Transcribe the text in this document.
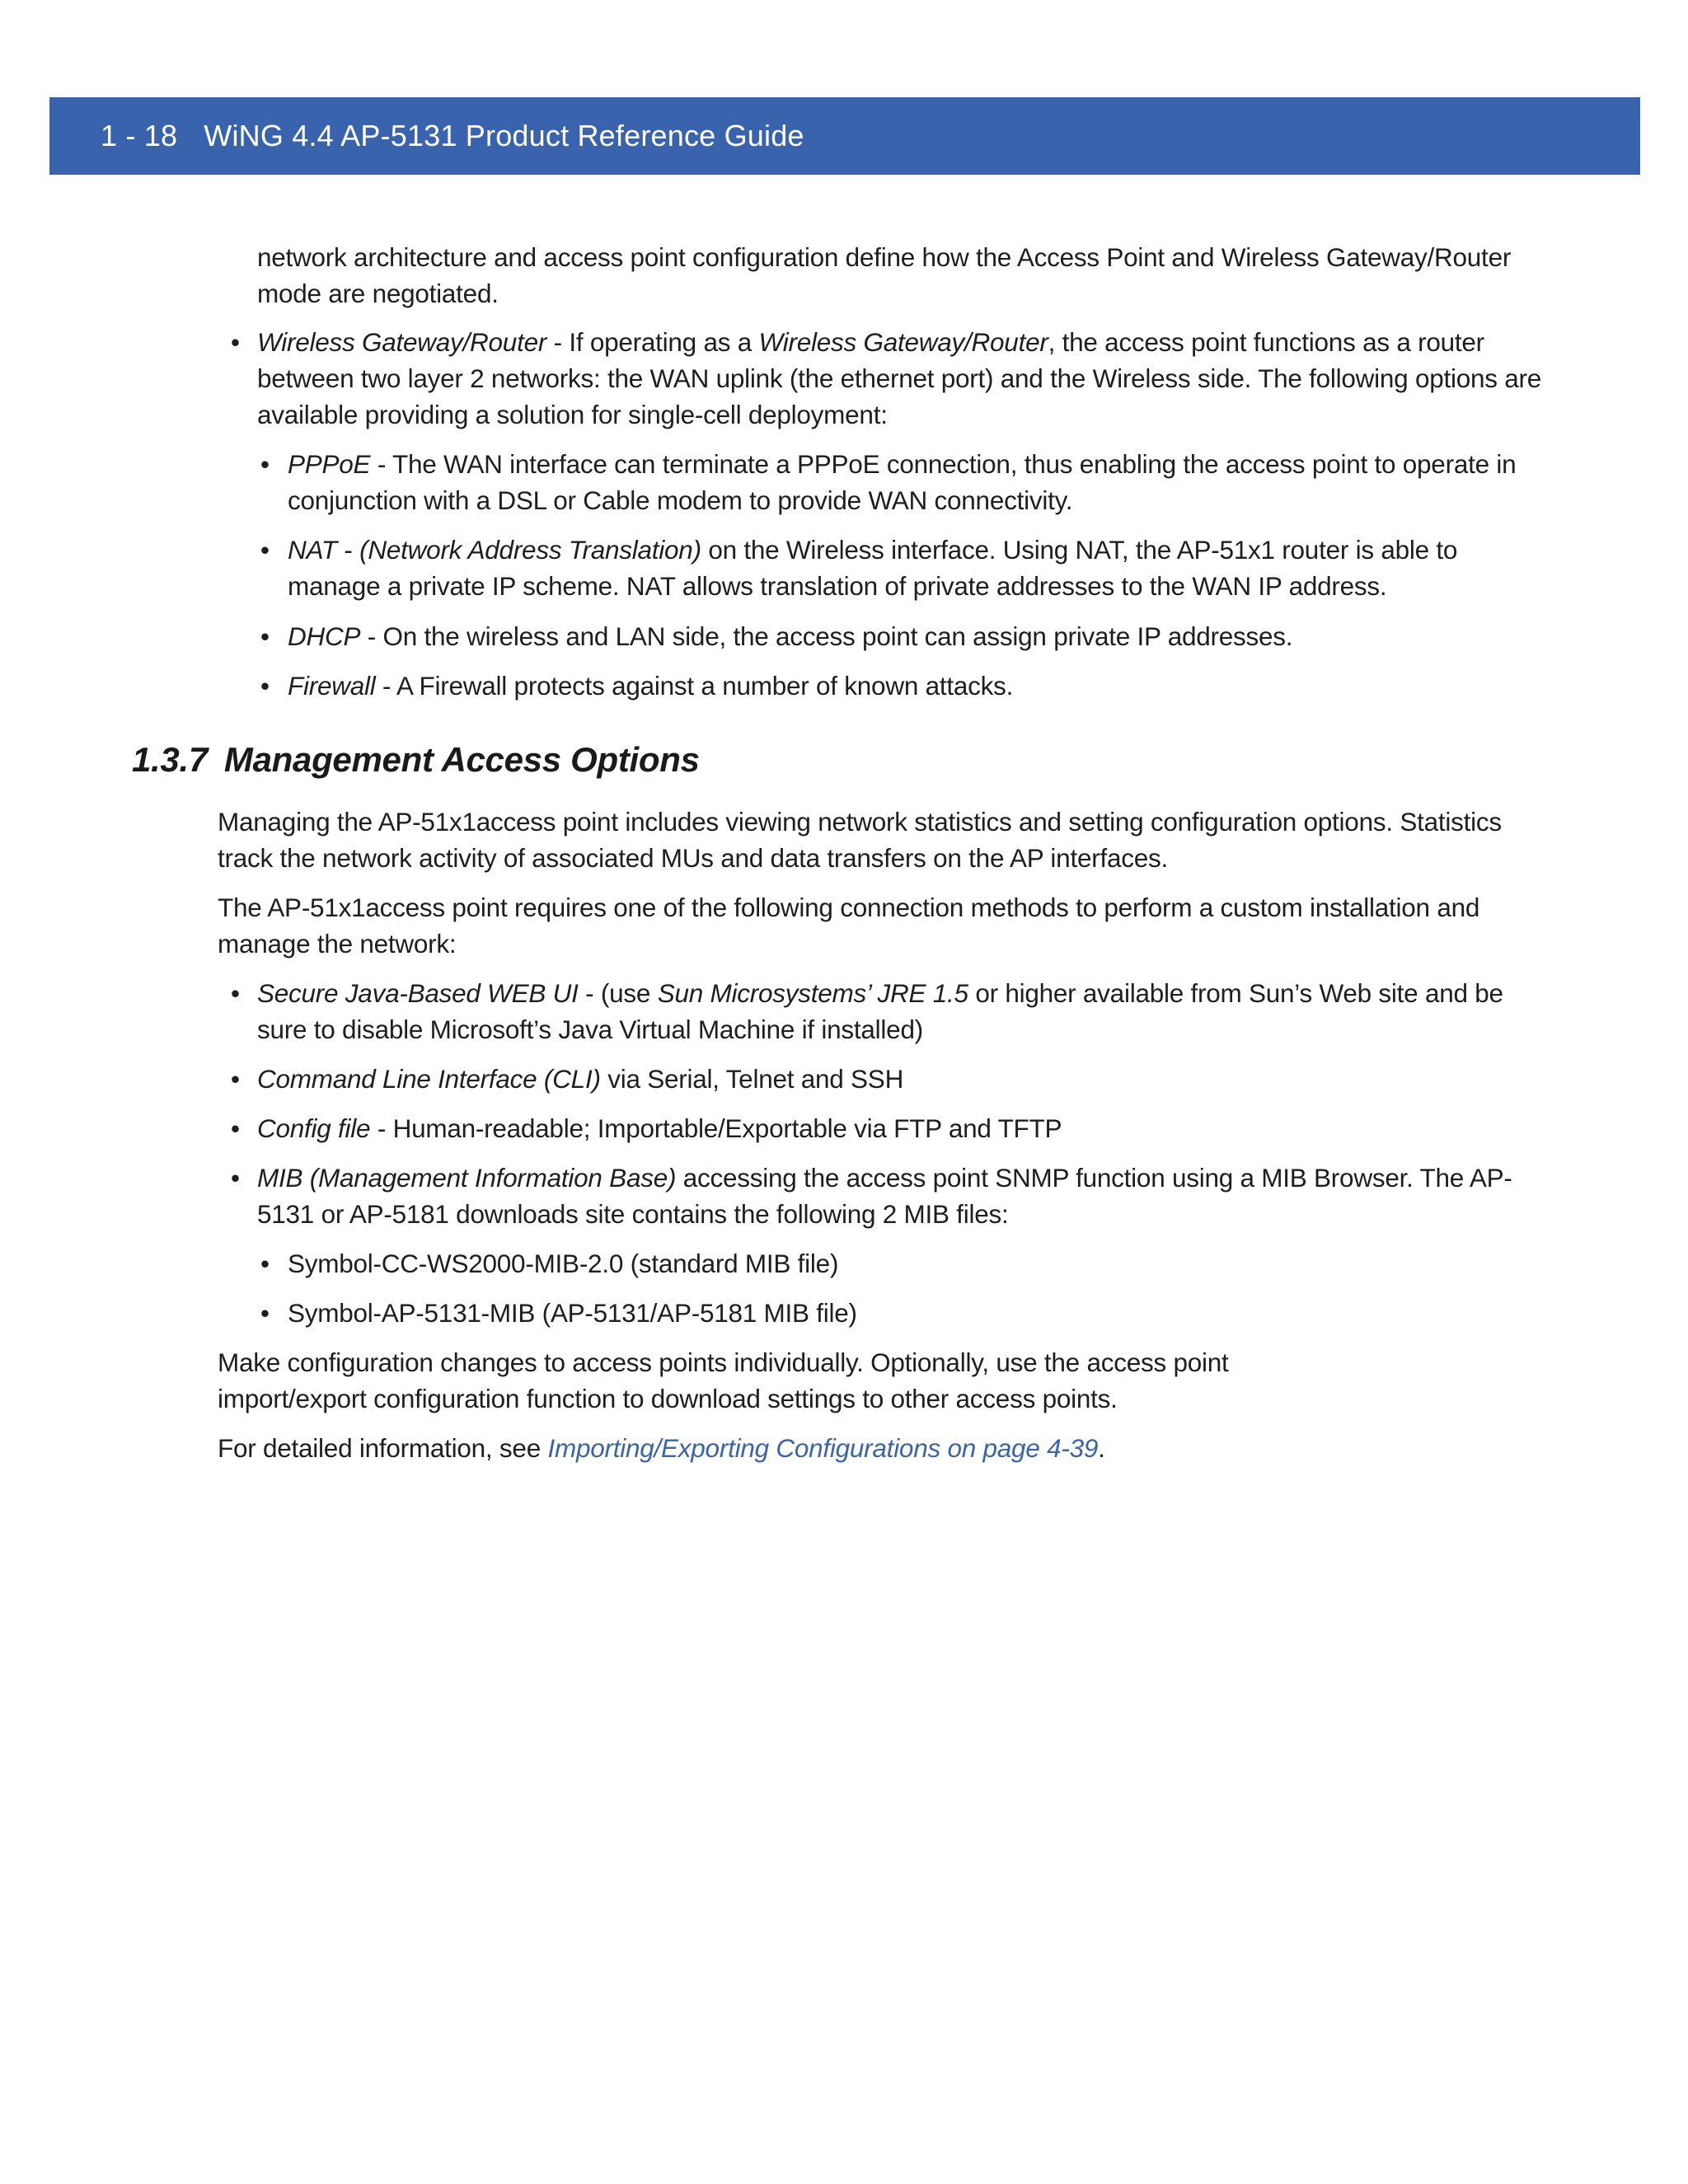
1 - 18 WiNG 4.4 AP-5131 Product Reference Guide

network architecture and access point configuration define how the Access Point and Wireless Gateway/Router mode are negotiated.

• Wireless Gateway/Router - If operating as a Wireless Gateway/Router, the access point functions as a router between two layer 2 networks: the WAN uplink (the ethernet port) and the Wireless side. The following options are available providing a solution for single-cell deployment:

• PPPoE - The WAN interface can terminate a PPPoE connection, thus enabling the access point to operate in conjunction with a DSL or Cable modem to provide WAN connectivity.

• NAT - (Network Address Translation) on the Wireless interface. Using NAT, the AP-51x1 router is able to manage a private IP scheme. NAT allows translation of private addresses to the WAN IP address.

• DHCP - On the wireless and LAN side, the access point can assign private IP addresses.

• Firewall - A Firewall protects against a number of known attacks.

1.3.7 Management Access Options

Managing the AP-51x1access point includes viewing network statistics and setting configuration options. Statistics track the network activity of associated MUs and data transfers on the AP interfaces.

The AP-51x1access point requires one of the following connection methods to perform a custom installation and manage the network:

• Secure Java-Based WEB UI - (use Sun Microsystems’ JRE 1.5 or higher available from Sun’s Web site and be sure to disable Microsoft’s Java Virtual Machine if installed)

• Command Line Interface (CLI) via Serial, Telnet and SSH

• Config file - Human-readable; Importable/Exportable via FTP and TFTP

• MIB (Management Information Base) accessing the access point SNMP function using a MIB Browser. The AP-5131 or AP-5181 downloads site contains the following 2 MIB files:

• Symbol-CC-WS2000-MIB-2.0 (standard MIB file)

• Symbol-AP-5131-MIB (AP-5131/AP-5181 MIB file)

Make configuration changes to access points individually. Optionally, use the access point
import/export configuration function to download settings to other access points.

For detailed information, see Importing/Exporting Configurations on page 4-39.
